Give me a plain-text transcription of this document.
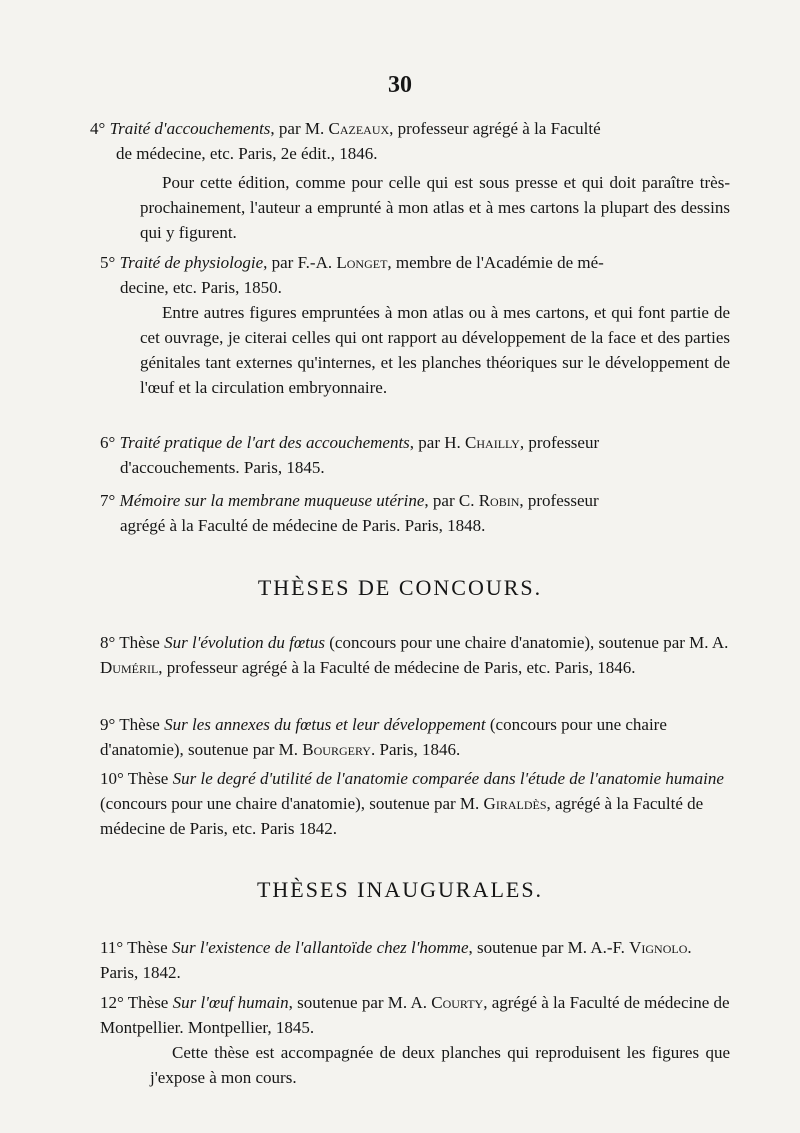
30
4° Traité d'accouchements, par M. Cazeaux, professeur agrégé à la Faculté
de médecine, etc. Paris, 2e édit., 1846.
Pour cette édition, comme pour celle qui est sous presse et qui doit paraître très-prochainement, l'auteur a emprunté à mon atlas et à mes cartons la plupart des dessins qui y figurent.
5° Traité de physiologie, par F.-A. Longet, membre de l'Académie de mé-
decine, etc. Paris, 1850.
Entre autres figures empruntées à mon atlas ou à mes cartons, et qui font partie de cet ouvrage, je citerai celles qui ont rapport au développement de la face et des parties génitales tant externes qu'internes, et les planches théoriques sur le développement de l'œuf et la circulation embryonnaire.
6° Traité pratique de l'art des accouchements, par H. Chailly, professeur
d'accouchements. Paris, 1845.
7° Mémoire sur la membrane muqueuse utérine, par C. Robin, professeur
agrégé à la Faculté de médecine de Paris. Paris, 1848.
THÈSES DE CONCOURS.
8° Thèse Sur l'évolution du fœtus (concours pour une chaire d'anatomie), soutenue par M. A. Duméril, professeur agrégé à la Faculté de médecine de Paris, etc. Paris, 1846.
9° Thèse Sur les annexes du fœtus et leur développement (concours pour une chaire d'anatomie), soutenue par M. Bourgery. Paris, 1846.
10° Thèse Sur le degré d'utilité de l'anatomie comparée dans l'étude de l'anatomie humaine (concours pour une chaire d'anatomie), soutenue par M. Giraldès, agrégé à la Faculté de médecine de Paris, etc. Paris 1842.
THÈSES INAUGURALES.
11° Thèse Sur l'existence de l'allantoïde chez l'homme, soutenue par M. A.-F. Vignolo. Paris, 1842.
12° Thèse Sur l'œuf humain, soutenue par M. A. Courty, agrégé à la Faculté de médecine de Montpellier. Montpellier, 1845.
Cette thèse est accompagnée de deux planches qui reproduisent les figures que j'expose à mon cours.
